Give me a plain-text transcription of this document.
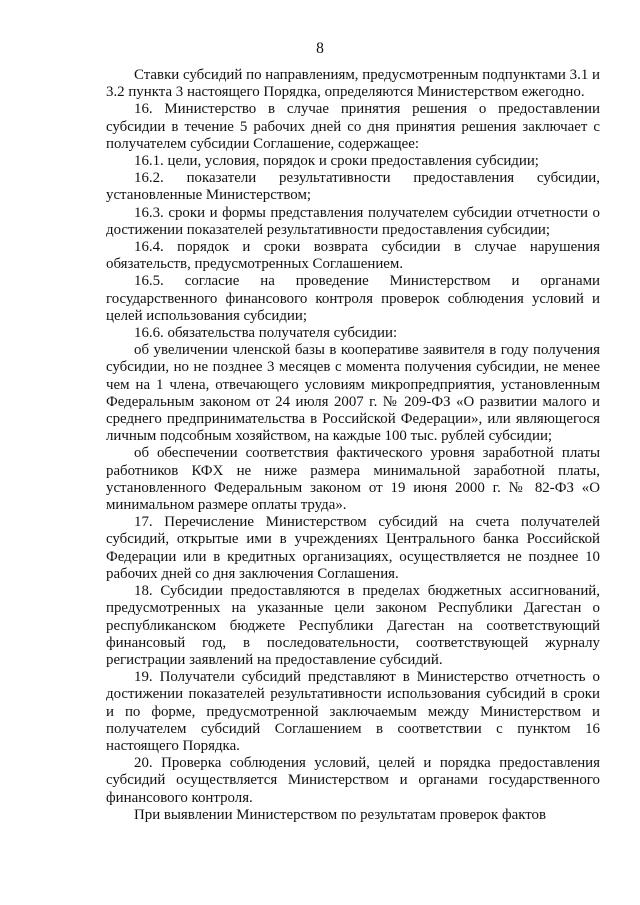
8

Ставки субсидий по направлениям, предусмотренным подпунктами 3.1 и 3.2 пункта 3 настоящего Порядка, определяются Министерством ежегодно.

16. Министерство в случае принятия решения о предоставлении субсидии в течение 5 рабочих дней со дня принятия решения заключает с получателем субсидии Соглашение, содержащее:

16.1. цели, условия, порядок и сроки предоставления субсидии;

16.2. показатели результативности предоставления субсидии, установленные Министерством;

16.3. сроки и формы представления получателем субсидии отчетности о достижении показателей результативности предоставления субсидии;

16.4. порядок и сроки возврата субсидии в случае нарушения обязательств, предусмотренных Соглашением.

16.5. согласие на проведение Министерством и органами государственного финансового контроля проверок соблюдения условий и целей использования субсидии;

16.6. обязательства получателя субсидии:

об увеличении членской базы в кооперативе заявителя в году получения субсидии, но не позднее 3 месяцев с момента получения субсидии, не менее чем на 1 члена, отвечающего условиям микропредприятия, установленным Федеральным законом от 24 июля 2007 г. № 209-ФЗ «О развитии малого и среднего предпринимательства в Российской Федерации», или являющегося личным подсобным хозяйством, на каждые 100 тыс. рублей субсидии;

об обеспечении соответствия фактического уровня заработной платы работников КФХ не ниже размера минимальной заработной платы, установленного Федеральным законом от 19 июня 2000 г. № 82-ФЗ «О минимальном размере оплаты труда».

17. Перечисление Министерством субсидий на счета получателей субсидий, открытые ими в учреждениях Центрального банка Российской Федерации или в кредитных организациях, осуществляется не позднее 10 рабочих дней со дня заключения Соглашения.

18. Субсидии предоставляются в пределах бюджетных ассигнований, предусмотренных на указанные цели законом Республики Дагестан о республиканском бюджете Республики Дагестан на соответствующий финансовый год, в последовательности, соответствующей журналу регистрации заявлений на предоставление субсидий.

19. Получатели субсидий представляют в Министерство отчетность о достижении показателей результативности использования субсидий в сроки и по форме, предусмотренной заключаемым между Министерством и получателем субсидий Соглашением в соответствии с пунктом 16 настоящего Порядка.

20. Проверка соблюдения условий, целей и порядка предоставления субсидий осуществляется Министерством и органами государственного финансового контроля.

При выявлении Министерством по результатам проверок фактов
